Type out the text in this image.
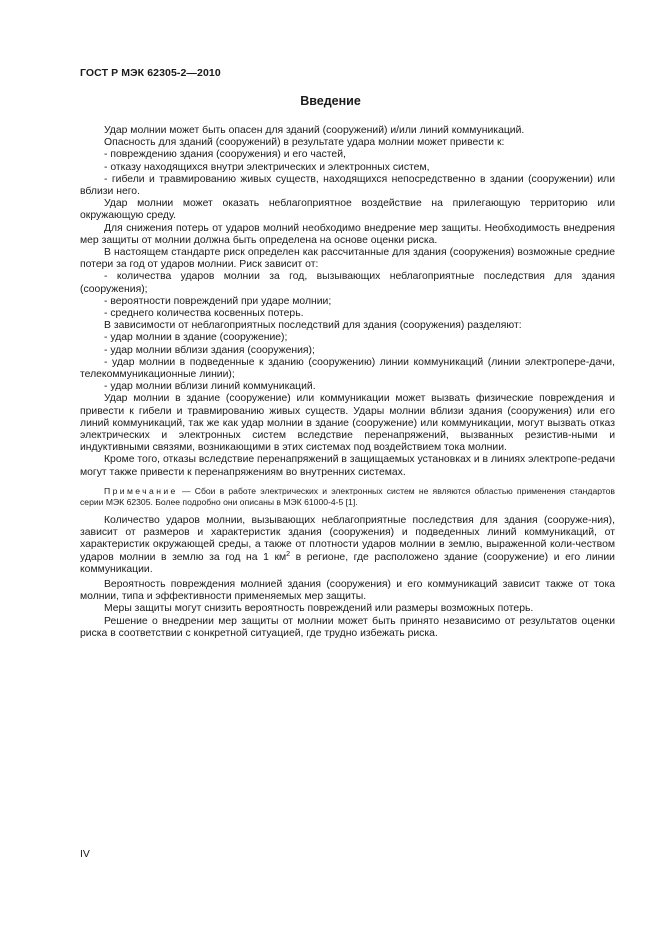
ГОСТ Р МЭК 62305-2—2010
Введение

Удар молнии может быть опасен для зданий (сооружений) и/или линий коммуникаций.

Опасность для зданий (сооружений) в результате удара молнии может привести к:

- повреждению здания (сооружения) и его частей,

- отказу находящихся внутри электрических и электронных систем,

- гибели и травмированию живых существ, находящихся непосредственно в здании (сооружении) или вблизи него.

Удар молнии может оказать неблагоприятное воздействие на прилегающую территорию или окружающую среду.

Для снижения потерь от ударов молний необходимо внедрение мер защиты. Необходимость внедрения мер защиты от молнии должна быть определена на основе оценки риска.

В настоящем стандарте риск определен как рассчитанные для здания (сооружения) возможные средние потери за год от ударов молнии. Риск зависит от:

- количества ударов молнии за год, вызывающих неблагоприятные последствия для здания (сооружения);

- вероятности повреждений при ударе молнии;

- среднего количества косвенных потерь.

В зависимости от неблагоприятных последствий для здания (сооружения) разделяют:

- удар молнии в здание (сооружение);

- удар молнии вблизи здания (сооружения);

- удар молнии в подведенные к зданию (сооружению) линии коммуникаций (линии электропере-дачи, телекоммуникационные линии);

- удар молнии вблизи линий коммуникаций.

Удар молнии в здание (сооружение) или коммуникации может вызвать физические повреждения и привести к гибели и травмированию живых существ. Удары молнии вблизи здания (сооружения) или его линий коммуникаций, так же как удар молнии в здание (сооружение) или коммуникации, могут вызвать отказ электрических и электронных систем вследствие перенапряжений, вызванных резистив-ными и индуктивными связями, возникающими в этих системах под воздействием тока молнии.

Кроме того, отказы вследствие перенапряжений в защищаемых установках и в линиях электропе-редачи могут также привести к перенапряжениям во внутренних системах.

Примечание — Сбои в работе электрических и электронных систем не являются областью применения стандартов серии МЭК 62305. Более подробно они описаны в МЭК 61000-4-5 [1].

Количество ударов молнии, вызывающих неблагоприятные последствия для здания (сооруже-ния), зависит от размеров и характеристик здания (сооружения) и подведенных линий коммуникаций, от характеристик окружающей среды, а также от плотности ударов молнии в землю, выраженной коли-чеством ударов молнии в землю за год на 1 $км^2$ в регионе, где расположено здание (сооружение) и его линии коммуникации.

Вероятность повреждения молнией здания (сооружения) и его коммуникаций зависит также от тока молнии, типа и эффективности применяемых мер защиты.

Меры защиты могут снизить вероятность повреждений или размеры возможных потерь.

Решение о внедрении мер защиты от молнии может быть принято независимо от результатов оценки риска в соответствии с конкретной ситуацией, где трудно избежать риска.

IV
